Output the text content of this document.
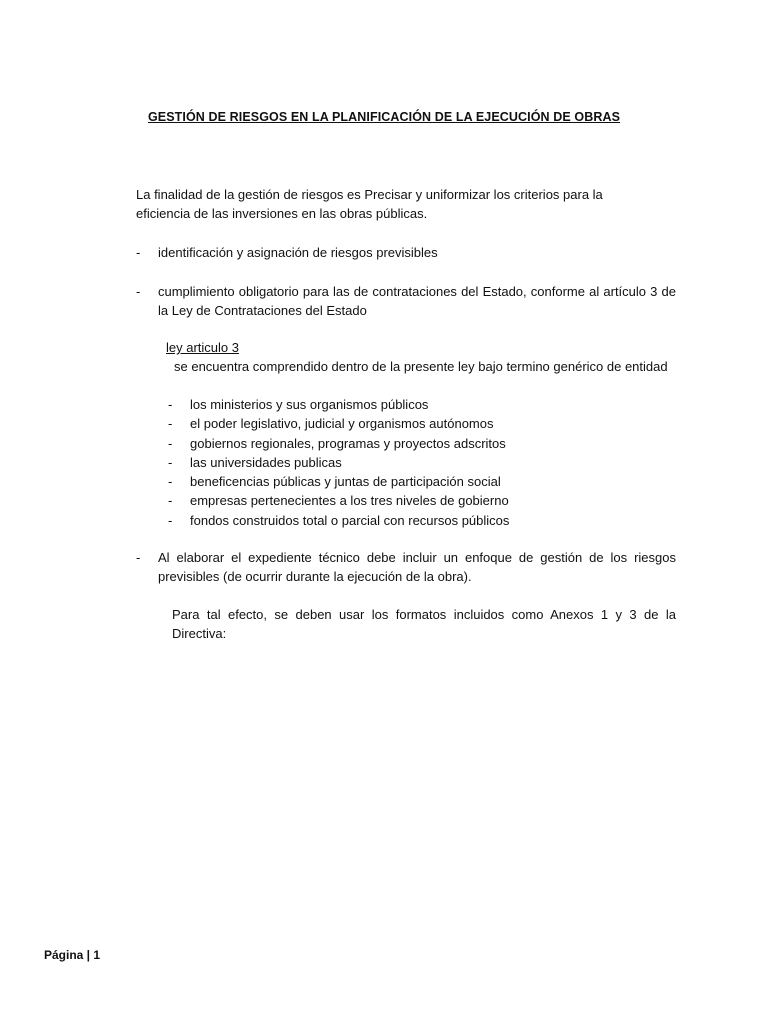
GESTIÓN DE RIESGOS EN LA PLANIFICACIÓN DE LA EJECUCIÓN DE OBRAS
La finalidad de la gestión de riesgos es Precisar y uniformizar los criterios para la eficiencia de las inversiones en las obras públicas.
- identificación y asignación de riesgos previsibles
- cumplimiento obligatorio para las de contrataciones del Estado, conforme al artículo 3 de la Ley de Contrataciones del Estado
ley articulo 3
se encuentra comprendido dentro de la presente ley bajo termino genérico de entidad
- los ministerios y sus organismos públicos
- el poder legislativo, judicial y organismos autónomos
- gobiernos regionales, programas y proyectos adscritos
- las universidades publicas
- beneficencias públicas y juntas de participación social
- empresas pertenecientes a los tres niveles de gobierno
- fondos construidos total o parcial con recursos públicos
- Al elaborar el expediente técnico debe incluir un enfoque de gestión de los riesgos previsibles (de ocurrir durante la ejecución de la obra).
Para tal efecto, se deben usar los formatos incluidos como Anexos 1 y 3 de la Directiva:
Página | 1
